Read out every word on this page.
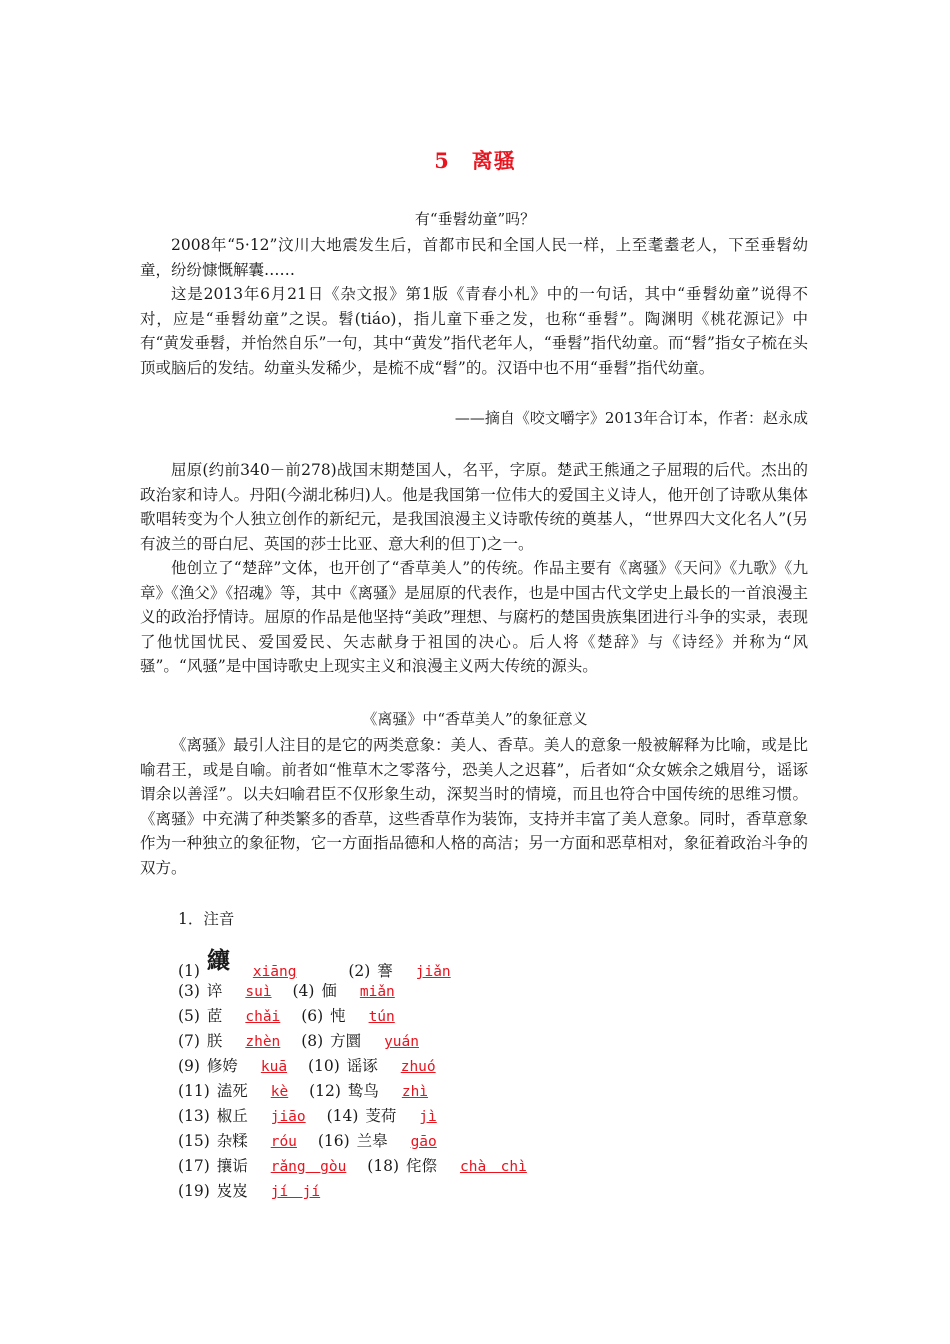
5　离骚
有“垂髫幼童”吗？

2008年“5·12”汶川大地震发生后，首都市民和全国人民一样，上至耄耋老人，下至垂髫幼童，纷纷慷慨解囊……

这是2013年6月21日《杂文报》第1版《青春小札》中的一句话，其中“垂髫幼童”说得不对，应是“垂髫幼童”之误。髫(tiáo)，指儿童下垂之发，也称“垂髫”。陶渊明《桃花源记》中有“黄发垂髫，并怡然自乐”一句，其中“黄发”指代老年人，“垂髫”指代幼童。而“髫”指女子梳在头顶或脑后的发结。幼童头发稀少，是梳不成“髫”的。汉语中也不用“垂髫”指代幼童。

——摘自《咬文嚼字》2013年合订本，作者：赵永成

屈原(约前340－前278)战国末期楚国人，名平，字原。楚武王熊通之子屈瑕的后代。杰出的政治家和诗人。丹阳(今湖北秭归)人。他是我国第一位伟大的爱国主义诗人，他开创了诗歌从集体歌唱转变为个人独立创作的新纪元，是我国浪漫主义诗歌传统的奠基人，“世界四大文化名人”(另有波兰的哥白尼、英国的莎士比亚、意大利的但丁)之一。

他创立了“楚辞”文体，也开创了“香草美人”的传统。作品主要有《离骚》《天问》《九歌》《九章》《渔父》《招魂》等，其中《离骚》是屈原的代表作，也是中国古代文学史上最长的一首浪漫主义的政治抒情诗。屈原的作品是他坚持“美政”理想、与腐朽的楚国贵族集团进行斗争的实录，表现了他忧国忧民、爱国爱民、矢志献身于祖国的决心。后人将《楚辞》与《诗经》并称为“风骚”。“风骚”是中国诗歌史上现实主义和浪漫主义两大传统的源头。

《离骚》中“香草美人”的象征意义

《离骚》最引人注目的是它的两类意象：美人、香草。美人的意象一般被解释为比喻，或是比喻君王，或是自喻。前者如“惟草木之零落兮，恐美人之迟暮”，后者如“众女嫉余之娥眉兮，谣诼谓余以善淫”。以夫妇喻君臣不仅形象生动，深契当时的情境，而且也符合中国传统的思维习惯。《离骚》中充满了种类繁多的香草，这些香草作为装饰，支持并丰富了美人意象。同时，香草意象作为一种独立的象征物，它一方面指品德和人格的高洁；另一方面和恶草相对，象征着政治斗争的双方。

1．注音
(1) 纕 xiāng	(2) 謇 jiǎn
(3) 谇 suì (4) 偭 miǎn
(5) 茝 chǎi (6) 忳 tún
(7) 朕 zhèn (8) 方圜 yuán
(9) 修姱 kuā (10) 谣诼 zhuó
(11) 溘死 kè (12) 鸷鸟 zhì
(13) 椒丘 jiāo (14) 芰荷 jì
(15) 杂糅 róu (16) 兰皋 gāo
(17) 攘诟 rǎng　gòu (18) 侘傺 chà　chì
(19) 岌岌 jí　jí
